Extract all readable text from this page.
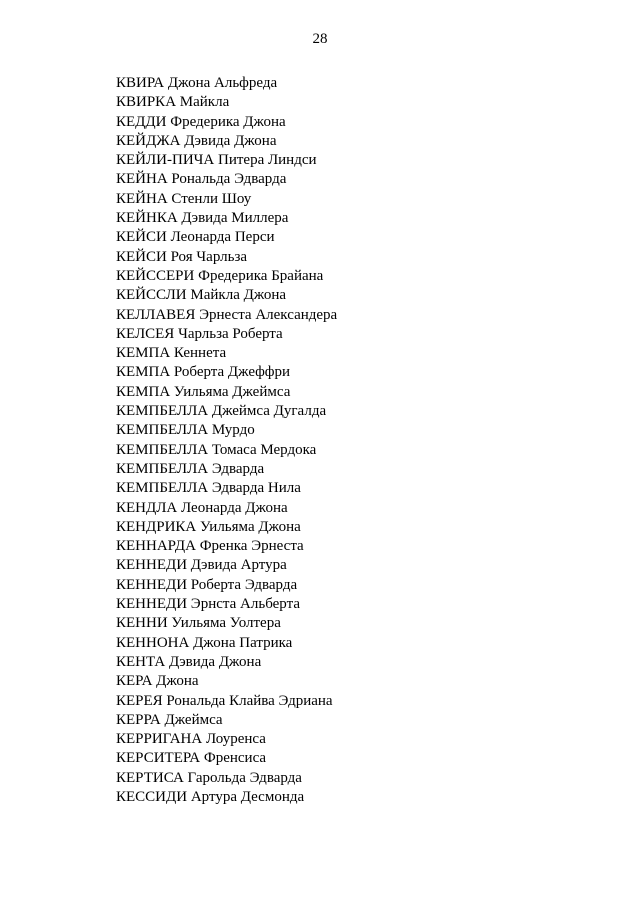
28
КВИРА Джона Альфреда
КВИРКА Майкла
КЕДДИ Фредерика Джона
КЕЙДЖА Дэвида Джона
КЕЙЛИ-ПИЧА Питера Линдси
КЕЙНА Рональда Эдварда
КЕЙНА Стенли Шоу
КЕЙНКА Дэвида Миллера
КЕЙСИ Леонарда Перси
КЕЙСИ Роя Чарльза
КЕЙССЕРИ Фредерика Брайана
КЕЙССЛИ Майкла Джона
КЕЛЛАВЕЯ Эрнеста Александера
КЕЛСЕЯ Чарльза Роберта
КЕМПА Кеннета
КЕМПА Роберта Джеффри
КЕМПА Уильяма Джеймса
КЕМПБЕЛЛА Джеймса Дугалда
КЕМПБЕЛЛА Мурдо
КЕМПБЕЛЛА Томаса Мердока
КЕМПБЕЛЛА Эдварда
КЕМПБЕЛЛА Эдварда Нила
КЕНДЛА Леонарда Джона
КЕНДРИКА Уильяма Джона
КЕННАРДА Френка Эрнеста
КЕННЕДИ Дэвида Артура
КЕННЕДИ Роберта Эдварда
КЕННЕДИ Эрнста Альберта
КЕННИ Уильяма Уолтера
КЕННОНА Джона Патрика
КЕНТА Дэвида Джона
КЕРА Джона
КЕРЕЯ Рональда Клайва Эдриана
КЕРРА Джеймса
КЕРРИГАНА Лоуренса
КЕРСИТЕРА Френсиса
КЕРТИСА Гарольда Эдварда
КЕССИДИ Артура Десмонда
